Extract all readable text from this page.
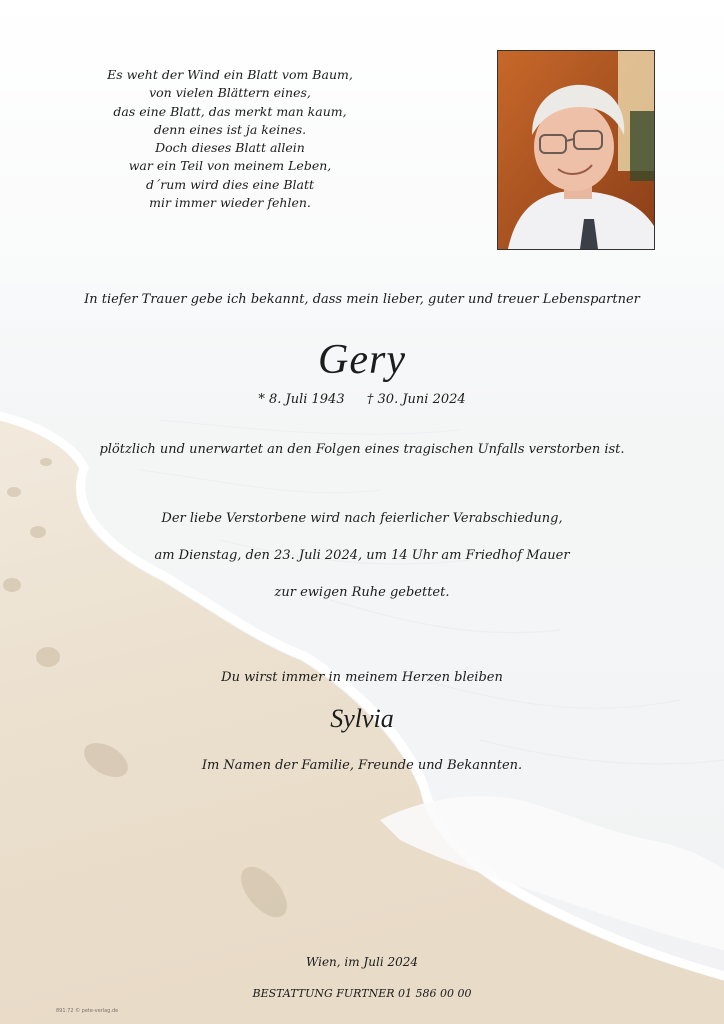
Es weht der Wind ein Blatt vom Baum,
von vielen Blättern eines,
das eine Blatt, das merkt man kaum,
denn eines ist ja keines.
Doch dieses Blatt allein
war ein Teil von meinem Leben,
d´rum wird dies eine Blatt
mir immer wieder fehlen.
In tiefer Trauer gebe ich bekannt, dass mein lieber, guter und treuer Lebenspartner
Gery
* 8. Juli 1943 † 30. Juni 2024
plötzlich und unerwartet an den Folgen eines tragischen Unfalls verstorben ist.
Der liebe Verstorbene wird nach feierlicher Verabschiedung,
am Dienstag, den 23. Juli 2024, um 14 Uhr am Friedhof Mauer
zur ewigen Ruhe gebettet.
Du wirst immer in meinem Herzen bleiben
Sylvia
Im Namen der Familie, Freunde und Bekannten.
Wien, im Juli 2024
BESTATTUNG FURTNER 01 586 00 00
891.72 © pete-verlag.de
